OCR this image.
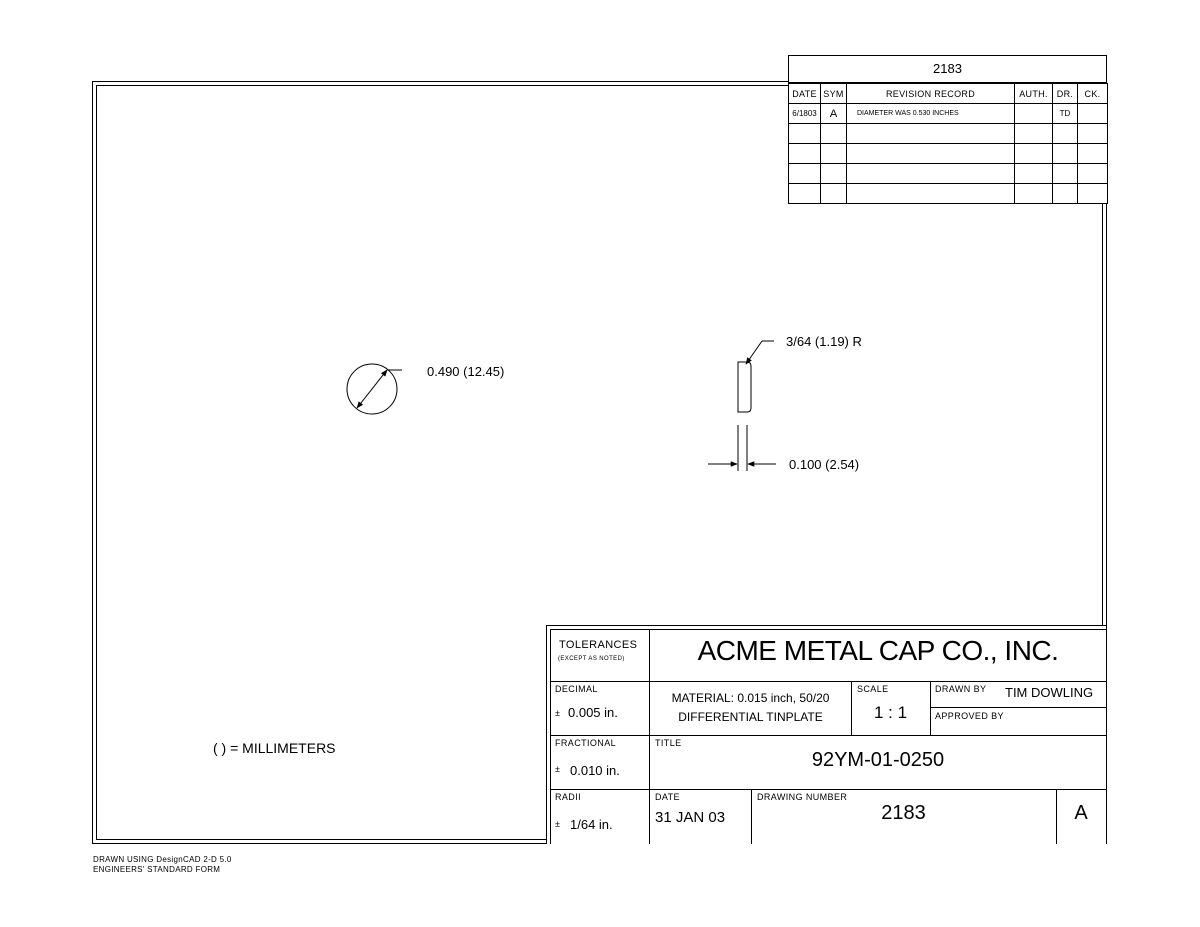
2183
DATE	SYM	REVISION RECORD	AUTH.	DR.	CK.
6/1803	A	DIAMETER WAS 0.530 INCHES		TD	

0.490 (12.45)
3/64 (1.19) R
0.100 (2.54)
( ) = MILLIMETERS
TOLERANCES
(EXCEPT AS NOTED)	ACME METAL CAP CO., INC.
DECIMAL
± 0.005 in.
MATERIAL: 0.015 inch, 50/20
DIFFERENTIAL TINPLATE
SCALE
1 : 1
DRAWN BY TIM DOWLING
APPROVED BY
FRACTIONAL
± 0.010 in.
TITLE
92YM-01-0250
RADII
± 1/64 in.
DATE
31 JAN 03
DRAWING NUMBER
2183	A
DRAWN USING DesignCAD 2-D 5.0
ENGINEERS' STANDARD FORM
